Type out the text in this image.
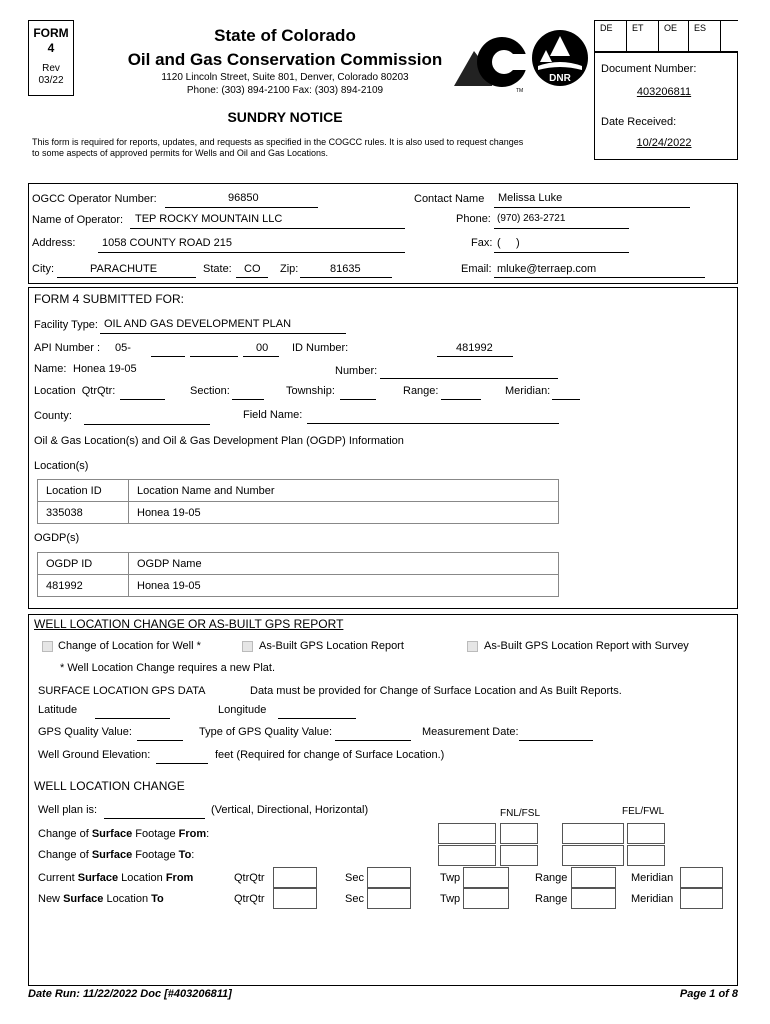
FORM
4
Rev
03/22
State of Colorado
Oil and Gas Conservation Commission
1120 Lincoln Street, Suite 801, Denver, Colorado 80203
Phone: (303) 894-2100 Fax: (303) 894-2109	TM
DNR
DE ET OE ES
Document Number:
403206811
Date Received:
10/24/2022
SUNDRY NOTICE
This form is required for reports, updates, and requests as specified in the COGCC rules. It is also used to request changes
to some aspects of approved permits for Wells and Oil and Gas Locations.
OGCC Operator Number:	96850	Contact Name Melissa Luke
Name of Operator: TEP ROCKY MOUNTAIN LLC	Phone: (970) 263-2721
Address: 1058 COUNTY ROAD 215	Fax: (     )
City:	PARACHUTE	State: CO Zip:	81635	Email: mluke@terraep.com
FORM 4 SUBMITTED FOR:
Facility Type: OIL AND GAS DEVELOPMENT PLAN
API Number : 05-	00 ID Number:	481992
Name: Honea 19-05	Number:
Location  QtrQtr:	Section:	Township:	Range:	Meridian:
County:	Field Name:
Oil & Gas Location(s) and Oil & Gas Development Plan (OGDP) Information
Location(s)
Location ID	Location Name and Number
335038	Honea 19-05
OGDP(s)
OGDP ID	OGDP Name
481992	Honea 19-05
WELL LOCATION CHANGE OR AS-BUILT GPS REPORT
Change of Location for Well *	As-Built GPS Location Report	As-Built GPS Location Report with Survey
* Well Location Change requires a new Plat.
SURFACE LOCATION GPS DATA	Data must be provided for Change of Surface Location and As Built Reports.
Latitude	Longitude
GPS Quality Value:	Type of GPS Quality Value:	Measurement Date:
Well Ground Elevation:	feet (Required for change of Surface Location.)
WELL LOCATION CHANGE
Well plan is:	(Vertical, Directional, Horizontal)	FNL/FSL	FEL/FWL
Change of Surface Footage From:
Change of Surface Footage To:
Current Surface Location From	QtrQtr	Sec	Twp	Range	Meridian
New Surface Location To	QtrQtr	Sec	Twp	Range	Meridian
Date Run: 11/22/2022 Doc [#403206811]	Page 1 of 8
